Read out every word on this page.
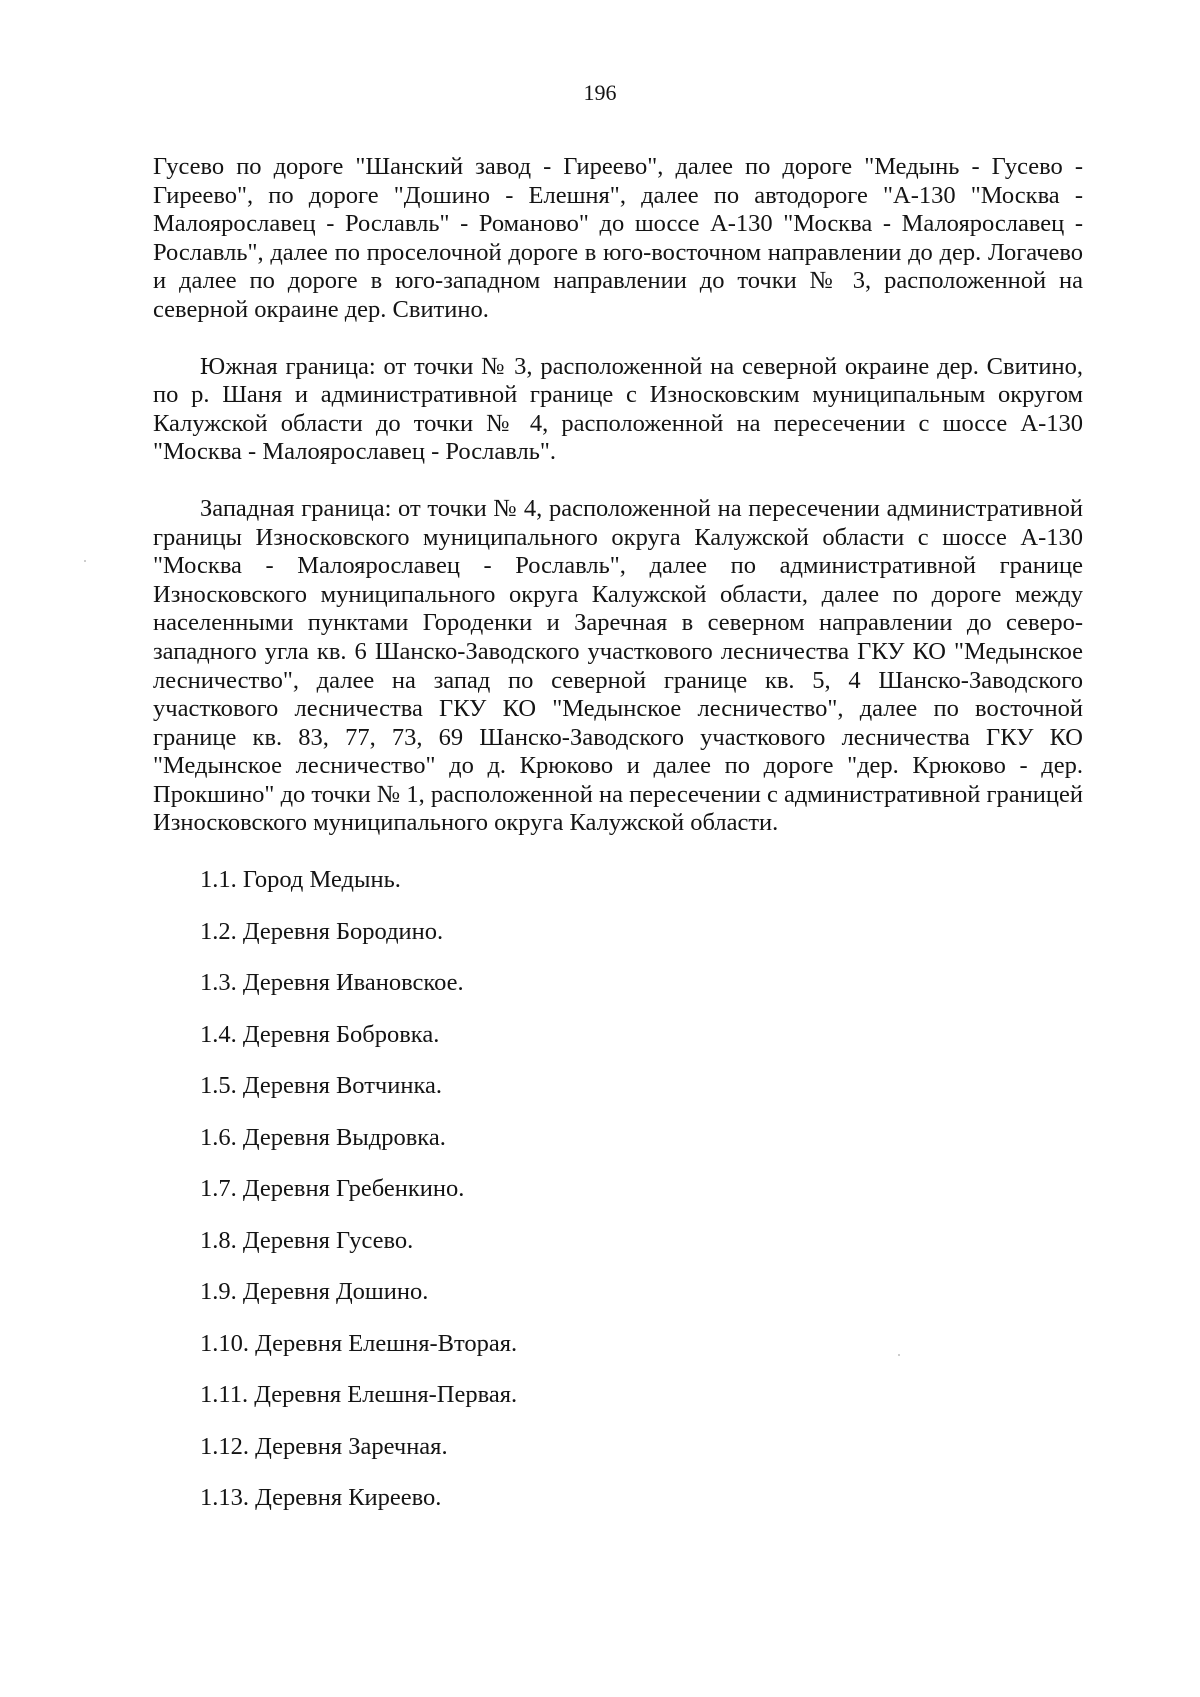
196

Гусево по дороге "Шанский завод - Гиреево", далее по дороге "Медынь - Гусево - Гиреево", по дороге "Дошино - Елешня", далее по автодороге "А-130 "Москва - Малоярославец - Рославль" - Романово" до шоссе А-130 "Москва - Малоярославец - Рославль", далее по проселочной дороге в юго-восточном направлении до дер. Логачево и далее по дороге в юго-западном направлении до точки № 3, расположенной на северной окраине дер. Свитино.

Южная граница: от точки № 3, расположенной на северной окраине дер. Свитино, по р. Шаня и административной границе с Износковским муниципальным округом Калужской области до точки № 4, расположенной на пересечении с шоссе А-130 "Москва - Малоярославец - Рославль".

Западная граница: от точки № 4, расположенной на пересечении административной границы Износковского муниципального округа Калужской области с шоссе А-130 "Москва - Малоярославец - Рославль", далее по административной границе Износковского муниципального округа Калужской области, далее по дороге между населенными пунктами Городенки и Заречная в северном направлении до северо-западного угла кв. 6 Шанско-Заводского участкового лесничества ГКУ КО "Медынское лесничество", далее на запад по северной границе кв. 5, 4 Шанско-Заводского участкового лесничества ГКУ КО "Медынское лесничество", далее по восточной границе кв. 83, 77, 73, 69 Шанско-Заводского участкового лесничества ГКУ КО "Медынское лесничество" до д. Крюково и далее по дороге "дер. Крюково - дер. Прокшино" до точки № 1, расположенной на пересечении с административной границей Износковского муниципального округа Калужской области.

1.1. Город Медынь.
1.2. Деревня Бородино.
1.3. Деревня Ивановское.
1.4. Деревня Бобровка.
1.5. Деревня Вотчинка.
1.6. Деревня Выдровка.
1.7. Деревня Гребенкино.
1.8. Деревня Гусево.
1.9. Деревня Дошино.
1.10. Деревня Елешня-Вторая.
1.11. Деревня Елешня-Первая.
1.12. Деревня Заречная.
1.13. Деревня Киреево.
